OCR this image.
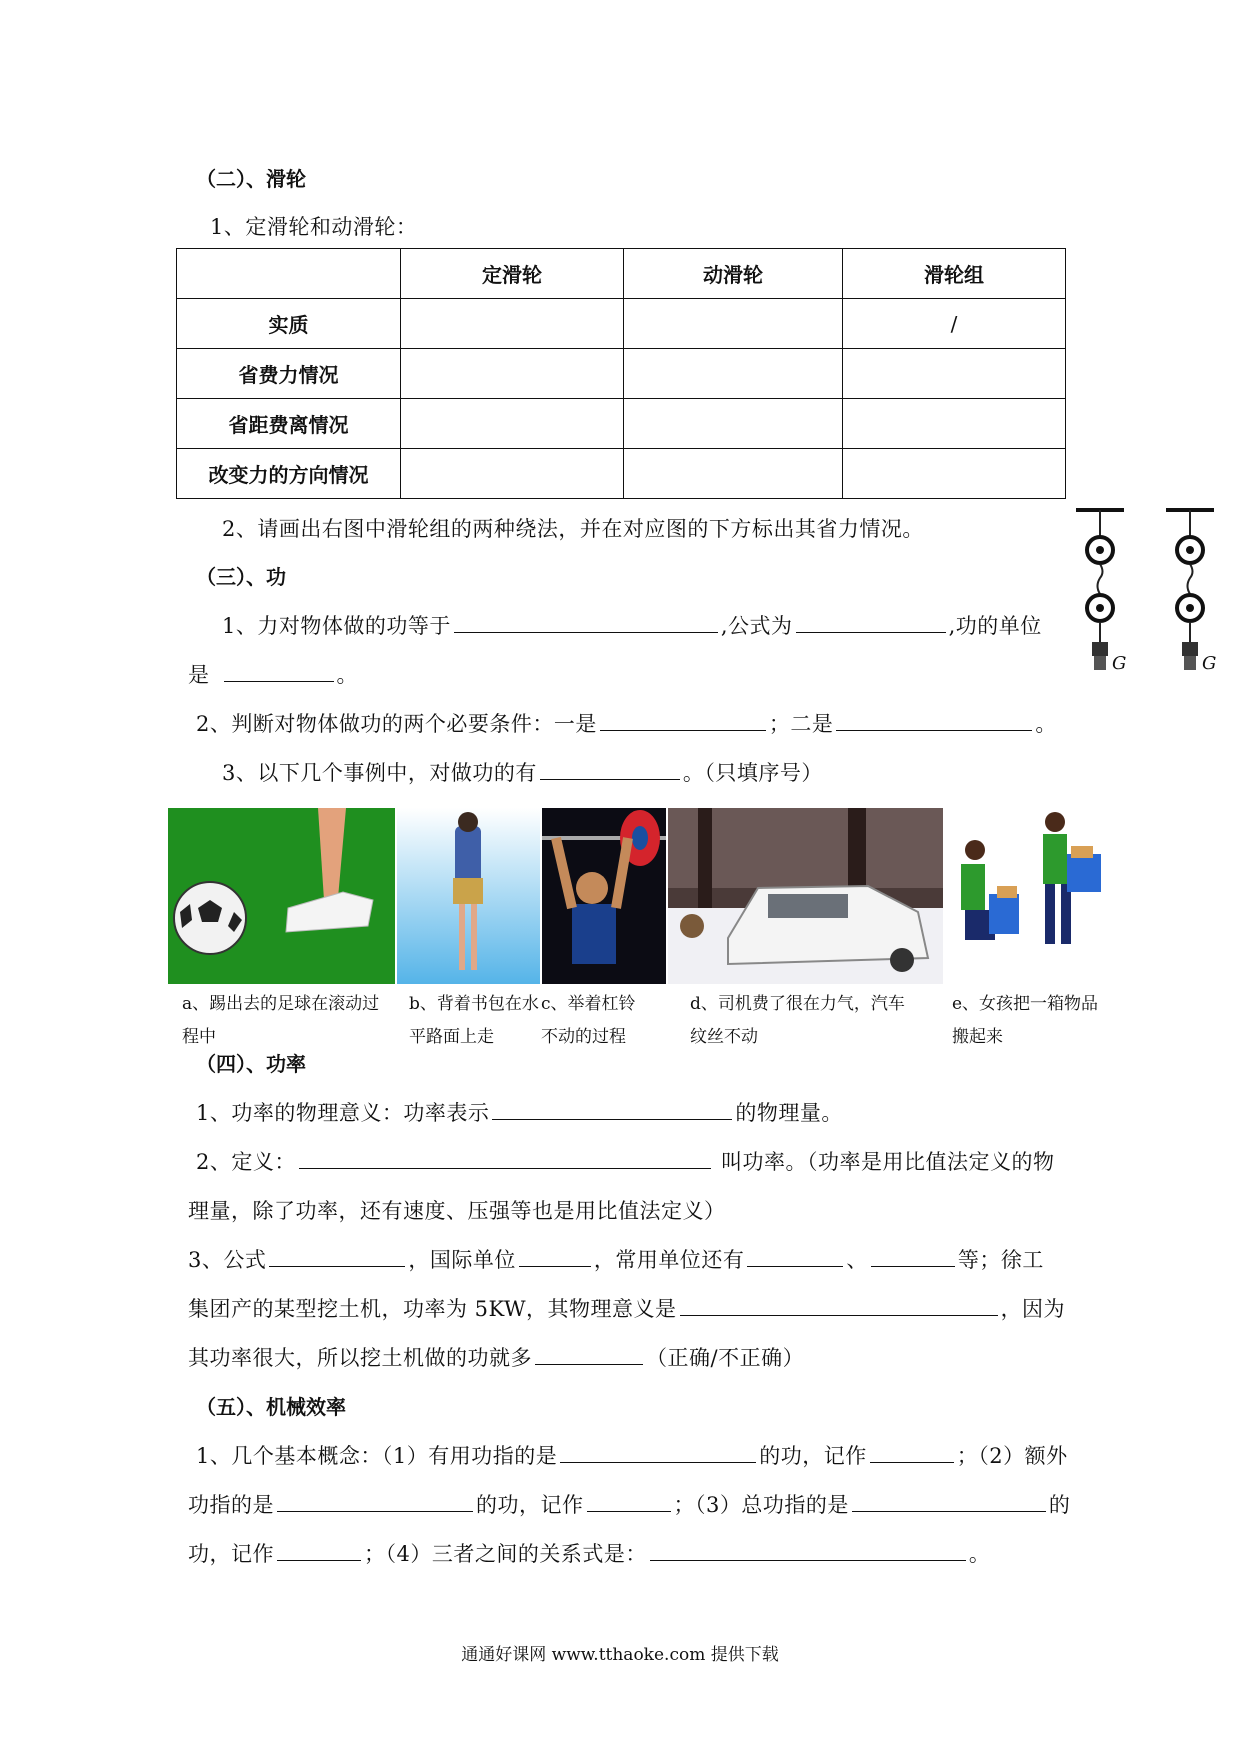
（二）、滑轮
1、定滑轮和动滑轮：
	定滑轮	动滑轮	滑轮组
实质			/
省费力情况			
省距费离情况			
改变力的方向情况			
2、请画出右图中滑轮组的两种绕法，并在对应图的下方标出其省力情况。
G	G
（三）、功
1、力对物体做的功等于	,公式为	,功的单位
是	。
2、判断对物体做功的两个必要条件：一是	；二是	。
3、以下几个事例中，对做功的有	。（只填序号）
a、踢出去的足球在滚动过程中
b、背着书包在水平路面上走
c、举着杠铃不动的过程
d、司机费了很在力气，汽车纹丝不动
e、女孩把一箱物品搬起来
（四）、功率
1、功率的物理意义：功率表示	的物理量。
2、定义：	叫功率。（功率是用比值法定义的物
理量，除了功率，还有速度、压强等也是用比值法定义）
3、公式	，国际单位	，常用单位还有	、	等；徐工
集团产的某型挖土机，功率为 5KW，其物理意义是	，因为
其功率很大，所以挖土机做的功就多	（正确/不正确）
（五）、机械效率
1、几个基本概念：（1）有用功指的是	的功，记作	；（2）额外
功指的是	的功，记作	；（3）总功指的是	的
功，记作	；（4）三者之间的关系式是：	。
通通好课网 www.tthaoke.com 提供下载
